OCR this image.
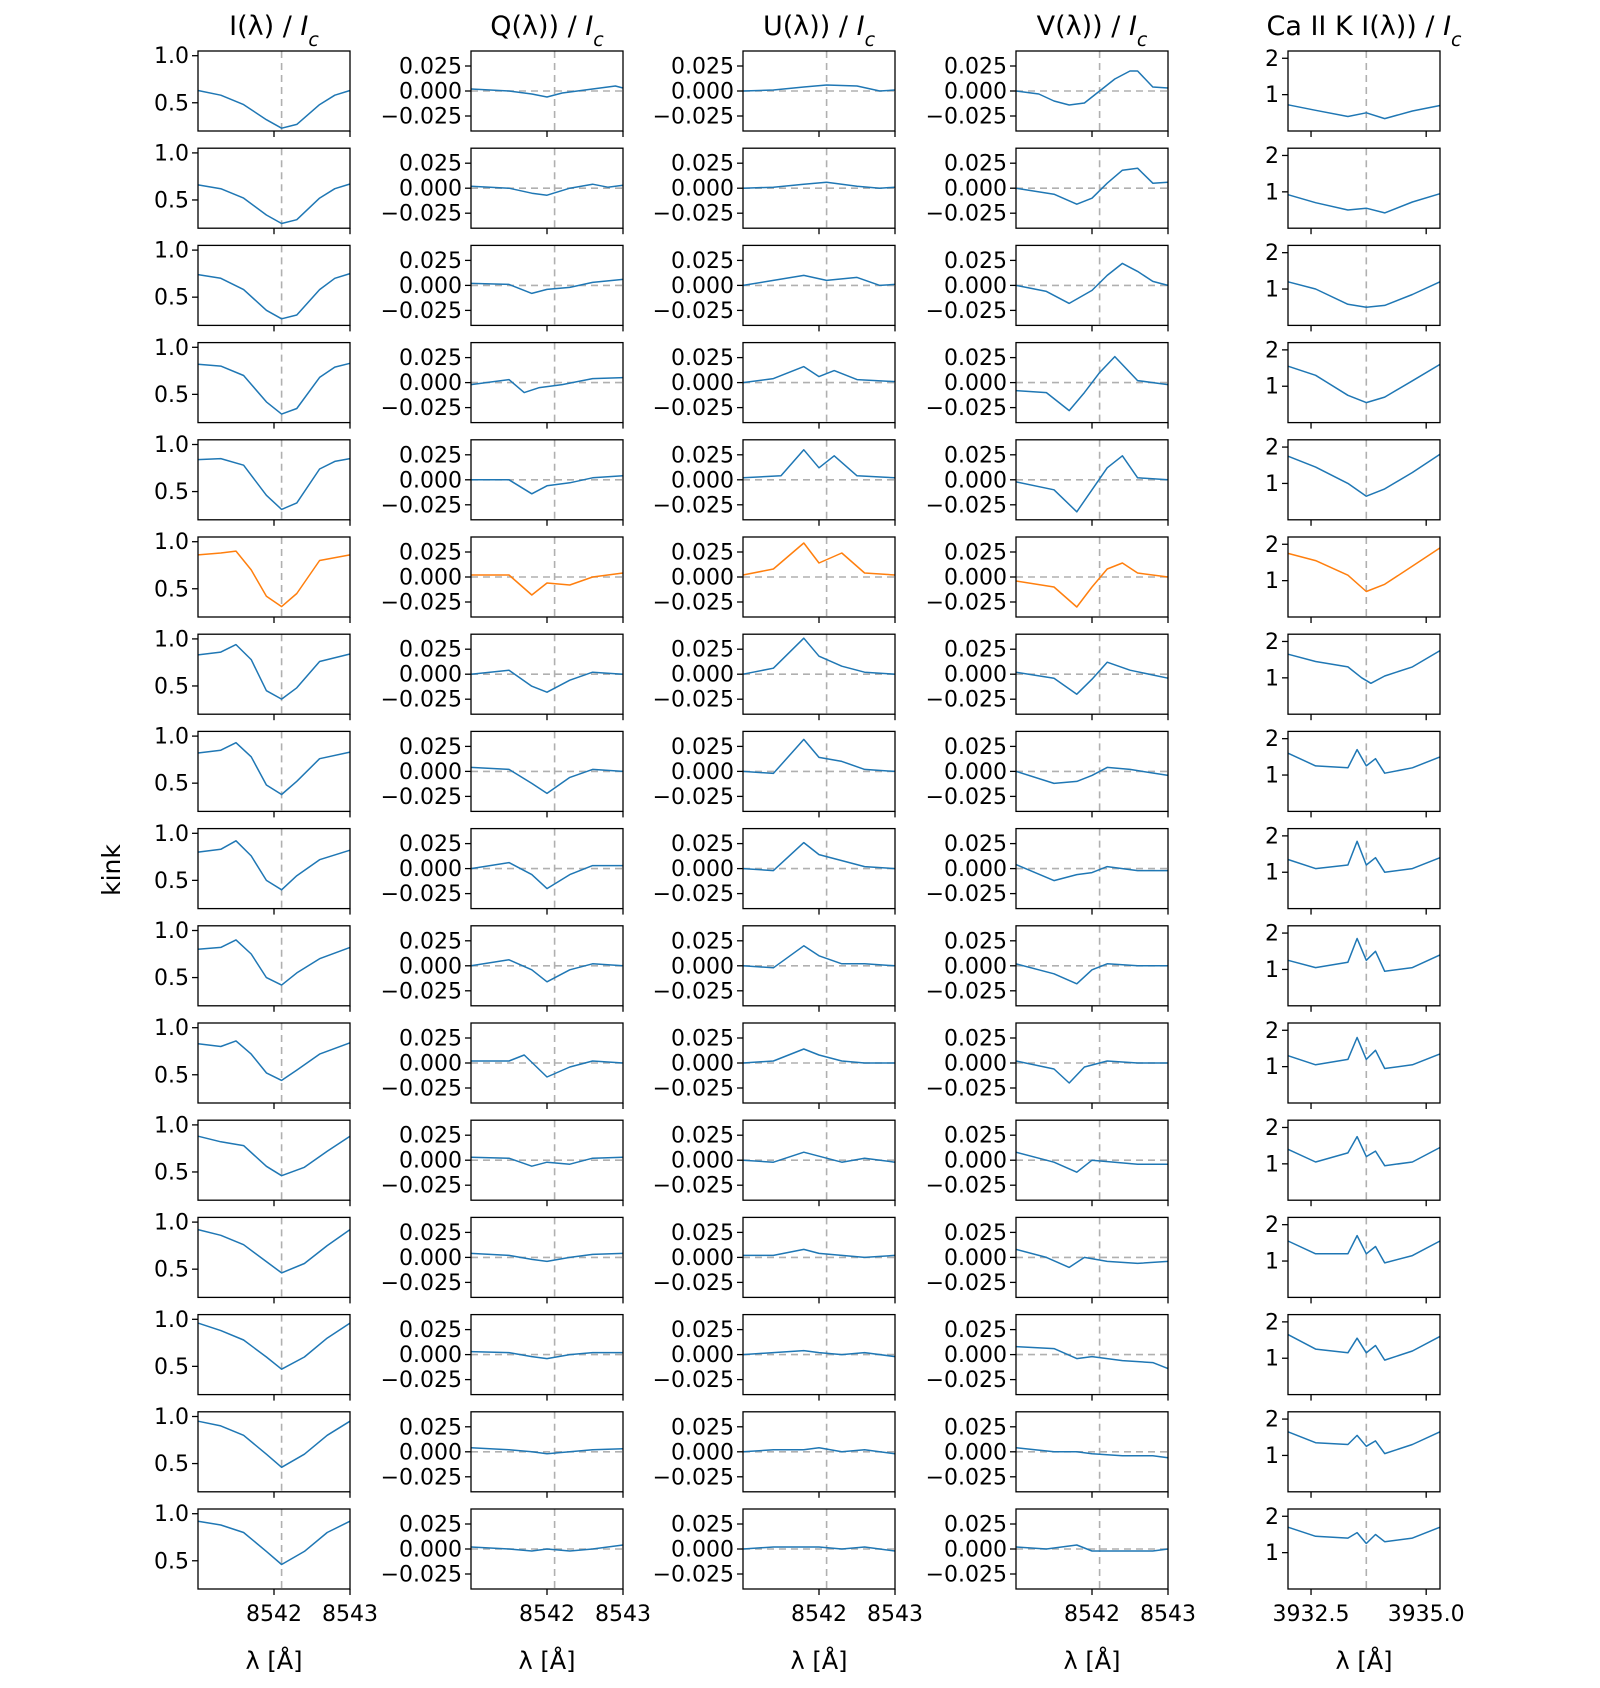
kink
$I(\lambda) / I_c$	$Q(\lambda)) / I_c$	$U(\lambda)) / I_c$	$V(\lambda)) / I_c$	Ca II K $I(\lambda)) / I_c$
0.5
1.0
−0.025
0.000
0.025
−0.025
0.000
0.025
−0.025
0.000
0.025
1
2
0.5
1.0
−0.025
0.000
0.025
−0.025
0.000
0.025
−0.025
0.000
0.025
1
2
0.5
1.0
−0.025
0.000
0.025
−0.025
0.000
0.025
−0.025
0.000
0.025
1
2
0.5
1.0
−0.025
0.000
0.025
−0.025
0.000
0.025
−0.025
0.000
0.025
1
2
0.5
1.0
−0.025
0.000
0.025
−0.025
0.000
0.025
−0.025
0.000
0.025
1
2
0.5
1.0
−0.025
0.000
0.025
−0.025
0.000
0.025
−0.025
0.000
0.025
1
2
0.5
1.0
−0.025
0.000
0.025
−0.025
0.000
0.025
−0.025
0.000
0.025
1
2
0.5
1.0
−0.025
0.000
0.025
−0.025
0.000
0.025
−0.025
0.000
0.025
1
2
0.5
1.0
−0.025
0.000
0.025
−0.025
0.000
0.025
−0.025
0.000
0.025
1
2
0.5
1.0
−0.025
0.000
0.025
−0.025
0.000
0.025
−0.025
0.000
0.025
1
2
0.5
1.0
−0.025
0.000
0.025
−0.025
0.000
0.025
−0.025
0.000
0.025
1
2
0.5
1.0
−0.025
0.000
0.025
−0.025
0.000
0.025
−0.025
0.000
0.025
1
2
0.5
1.0
−0.025
0.000
0.025
−0.025
0.000
0.025
−0.025
0.000
0.025
1
2
0.5
1.0
−0.025
0.000
0.025
−0.025
0.000
0.025
−0.025
0.000
0.025
1
2
0.5
1.0
−0.025
0.000
0.025
−0.025
0.000
0.025
−0.025
0.000
0.025
1
2
0.5
1.0
8542 8543
λ [Å]
−0.025
0.000
0.025
8542 8543
λ [Å]
−0.025
0.000
0.025
8542 8543
λ [Å]
−0.025
0.000
0.025
8542 8543
λ [Å]
1
2
3932.5 3935.0
λ [Å]
